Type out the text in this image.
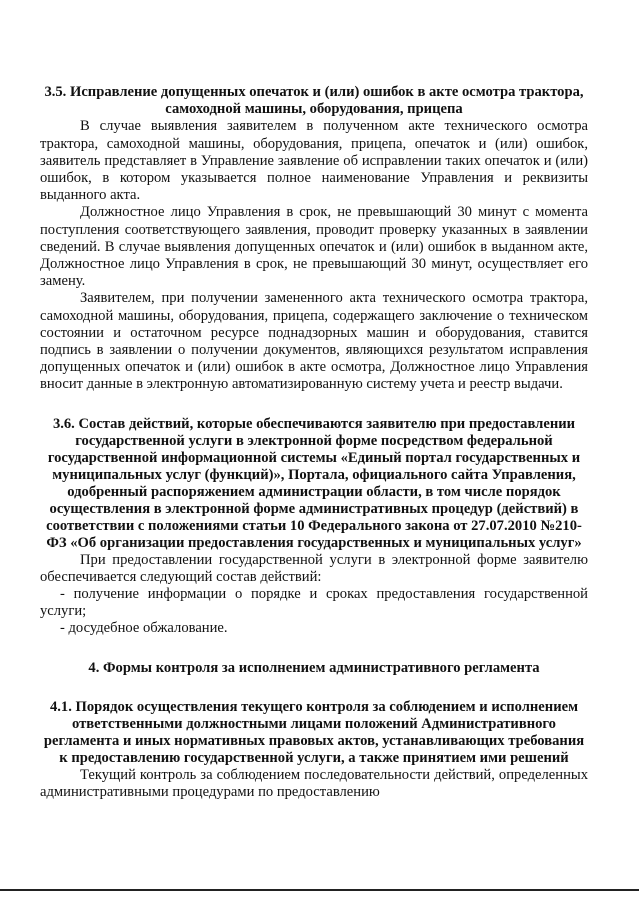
3.5. Исправление допущенных опечаток и (или) ошибок в акте осмотра трактора, самоходной машины, оборудования, прицепа

В случае выявления заявителем в полученном акте технического осмотра трактора, самоходной машины, оборудования, прицепа, опечаток и (или) ошибок, заявитель представляет в Управление заявление об исправлении таких опечаток и (или) ошибок, в котором указывается полное наименование Управления и реквизиты выданного акта.

Должностное лицо Управления в срок, не превышающий 30 минут с момента поступления соответствующего заявления, проводит проверку указанных в заявлении сведений. В случае выявления допущенных опечаток и (или) ошибок в выданном акте, Должностное лицо Управления в срок, не превышающий 30 минут, осуществляет его замену.

Заявителем, при получении замененного акта технического осмотра трактора, самоходной машины, оборудования, прицепа, содержащего заключение о техническом состоянии и остаточном ресурсе поднадзорных машин и оборудования, ставится подпись в заявлении о получении документов, являющихся результатом исправления допущенных опечаток и (или) ошибок в акте осмотра, Должностное лицо Управления вносит данные в электронную автоматизированную систему учета и реестр выдачи.

3.6. Состав действий, которые обеспечиваются заявителю при предоставлении государственной услуги в электронной форме посредством федеральной государственной информационной системы «Единый портал государственных и муниципальных услуг (функций)», Портала, официального сайта Управления, одобренный распоряжением администрации области, в том числе порядок осуществления в электронной форме административных процедур (действий) в соответствии с положениями статьи 10 Федерального закона от 27.07.2010 №210-ФЗ «Об организации предоставления государственных и муниципальных услуг»

При предоставлении государственной услуги в электронной форме заявителю обеспечивается следующий состав действий:

- получение информации о порядке и сроках предоставления государственной услуги;

- досудебное обжалование.

4. Формы контроля за исполнением административного регламента

4.1. Порядок осуществления текущего контроля за соблюдением и исполнением ответственными должностными лицами положений Административного регламента и иных нормативных правовых актов, устанавливающих требования к предоставлению государственной услуги, а также принятием ими решений

Текущий контроль за соблюдением последовательности действий, определенных административными процедурами по предоставлению
